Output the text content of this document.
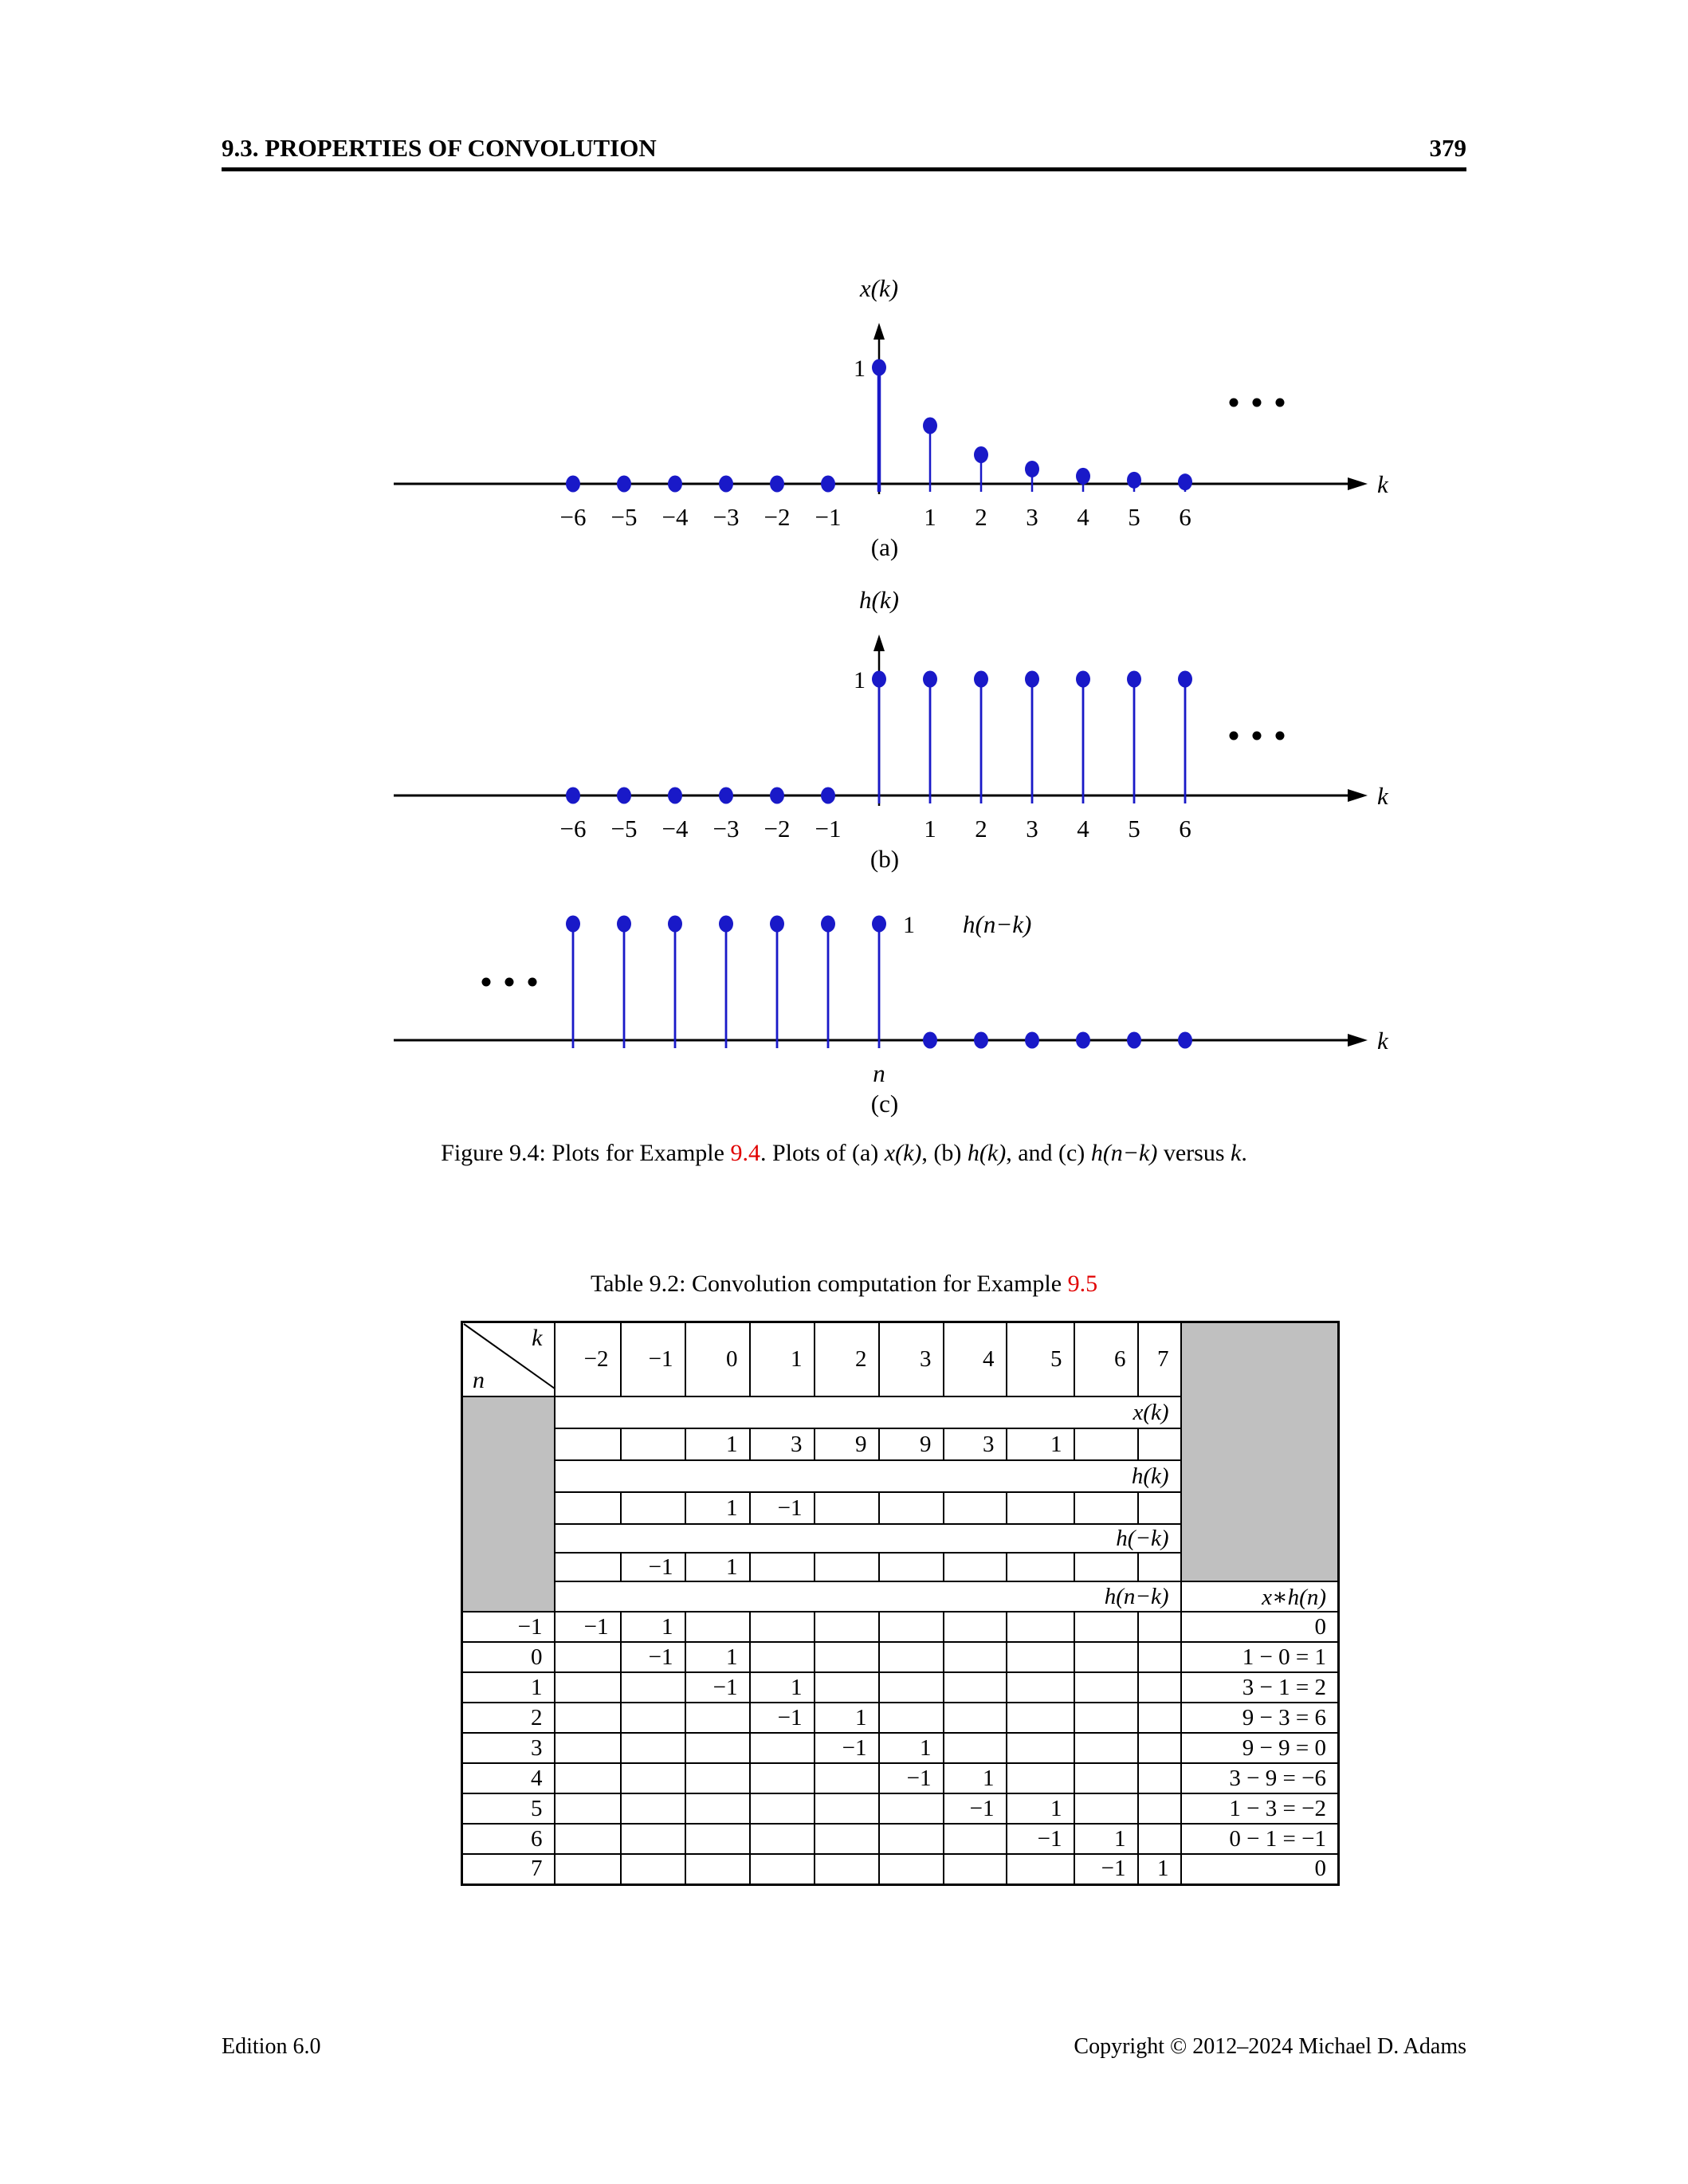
9.3. PROPERTIES OF CONVOLUTION	379
k
x(k)
1
−6 −5 −4 −3 −2 −1	1 2 3 4 5 6
(a)
k
h(k)
1
−6 −5 −4 −3 −2 −1	1 2 3 4 5 6
(b)
k
1 h(n−k)
n
(c)
Figure 9.4: Plots for Example 9.4. Plots of (a) x(k), (b) h(k), and (c) h(n−k) versus k.
Table 9.2: Convolution computation for Example 9.5
k
n	−2	−1	0	1	2	3	4	5	6	7	
	x(k)										
			1	3	9	9	3	1			
	h(k)										
			1	−1							
	h(−k)										
		−1	1								
	h(n−k)										x∗h(n)
−1	−1	1									0
0		−1	1								1 − 0 = 1
1			−1	1							3 − 1 = 2
2				−1	1						9 − 3 = 6
3					−1	1					9 − 9 = 0
4						−1	1				3 − 9 = −6
5							−1	1			1 − 3 = −2
6								−1	1		0 − 1 = −1
7									−1	1	0
Edition 6.0	Copyright © 2012–2024 Michael D. Adams
